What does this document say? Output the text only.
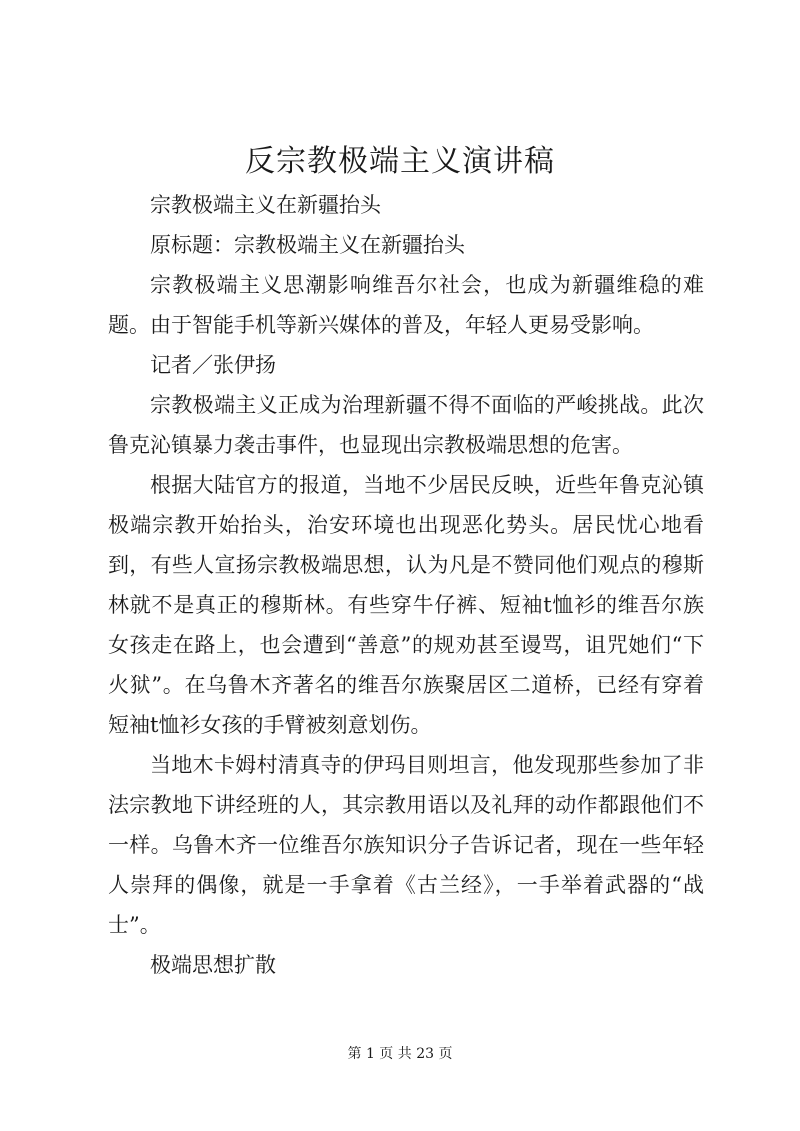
反宗教极端主义演讲稿

宗教极端主义在新疆抬头

原标题：宗教极端主义在新疆抬头

宗教极端主义思潮影响维吾尔社会，也成为新疆维稳的难题。由于智能手机等新兴媒体的普及，年轻人更易受影响。

记者／张伊扬

宗教极端主义正成为治理新疆不得不面临的严峻挑战。此次鲁克沁镇暴力袭击事件，也显现出宗教极端思想的危害。

根据大陆官方的报道，当地不少居民反映，近些年鲁克沁镇极端宗教开始抬头，治安环境也出现恶化势头。居民忧心地看到，有些人宣扬宗教极端思想，认为凡是不赞同他们观点的穆斯林就不是真正的穆斯林。有些穿牛仔裤、短袖t恤衫的维吾尔族女孩走在路上，也会遭到“善意”的规劝甚至谩骂，诅咒她们“下火狱”。在乌鲁木齐著名的维吾尔族聚居区二道桥，已经有穿着短袖t恤衫女孩的手臂被刻意划伤。

当地木卡姆村清真寺的伊玛目则坦言，他发现那些参加了非法宗教地下讲经班的人，其宗教用语以及礼拜的动作都跟他们不一样。乌鲁木齐一位维吾尔族知识分子告诉记者，现在一些年轻人崇拜的偶像，就是一手拿着《古兰经》，一手举着武器的“战士”。

极端思想扩散

第 1 页 共 23 页
